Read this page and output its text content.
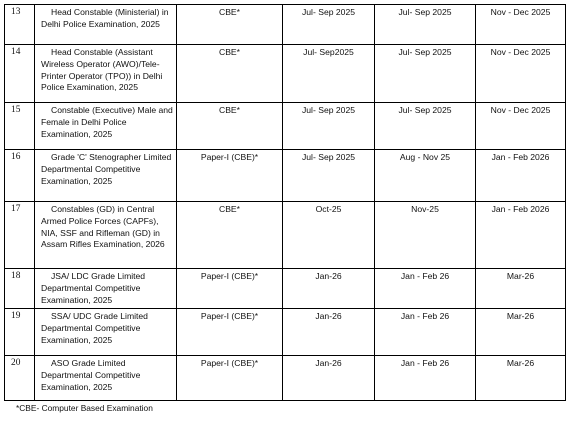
13	Head Constable (Ministerial) in Delhi Police Examination, 2025	CBE*	Jul- Sep 2025	Jul- Sep 2025	Nov - Dec 2025
14	Head Constable (Assistant Wireless Operator (AWO)/Tele-Printer Operator (TPO)) in Delhi Police Examination, 2025	CBE*	Jul- Sep2025	Jul- Sep 2025	Nov - Dec 2025
15	Constable (Executive) Male and Female in Delhi Police Examination, 2025	CBE*	Jul- Sep 2025	Jul- Sep 2025	Nov - Dec 2025
16	Grade 'C' Stenographer Limited Departmental Competitive Examination, 2025	Paper-I (CBE)*	Jul- Sep 2025	Aug - Nov 25	Jan - Feb 2026
17	Constables (GD) in Central Armed Police Forces (CAPFs), NIA, SSF and Rifleman (GD) in Assam Rifles Examination, 2026	CBE*	Oct-25	Nov-25	Jan - Feb 2026
18	JSA/ LDC Grade Limited Departmental Competitive Examination, 2025	Paper-I (CBE)*	Jan-26	Jan - Feb 26	Mar-26
19	SSA/ UDC Grade Limited Departmental Competitive Examination, 2025	Paper-I (CBE)*	Jan-26	Jan - Feb 26	Mar-26
20	ASO Grade Limited Departmental Competitive Examination, 2025	Paper-I (CBE)*	Jan-26	Jan - Feb 26	Mar-26
*CBE- Computer Based Examination
